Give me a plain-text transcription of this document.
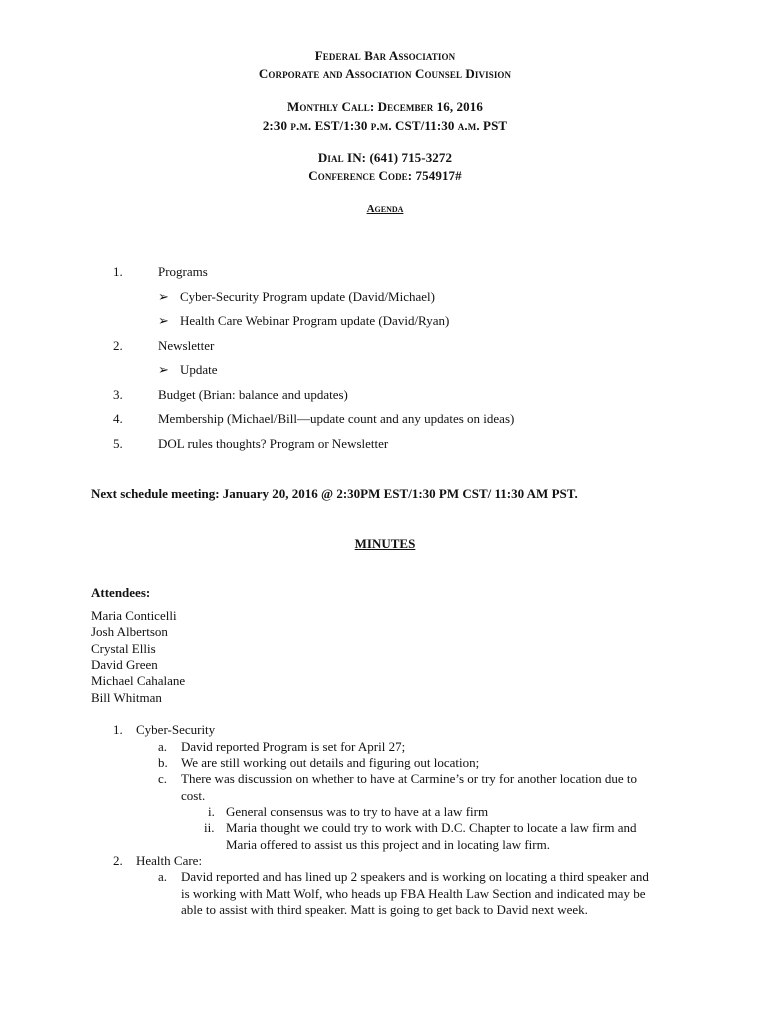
Federal Bar Association
Corporate and Association Counsel Division
Monthly Call: December 16, 2016
2:30 p.m. EST/1:30 p.m. CST/11:30 a.m. PST
Dial IN: (641) 715-3272
Conference Code: 754917#
Agenda
1.	Programs
➢ Cyber-Security Program update (David/Michael)
➢ Health Care Webinar Program update (David/Ryan)
2.	Newsletter
➢ Update
3.	Budget (Brian: balance and updates)
4.	Membership (Michael/Bill—update count and any updates on ideas)
5.	DOL rules thoughts? Program or Newsletter
Next schedule meeting: January 20, 2016 @ 2:30PM EST/1:30 PM CST/ 11:30 AM PST.
MINUTES
Attendees:
Maria Conticelli
Josh Albertson
Crystal Ellis
David Green
Michael Cahalane
Bill Whitman
1. Cyber-Security
a. David reported Program is set for April 27;
b. We are still working out details and figuring out location;
c. There was discussion on whether to have at Carmine’s or try for another location due to
cost.
i. General consensus was to try to have at a law firm
ii. Maria thought we could try to work with D.C. Chapter to locate a law firm and
Maria offered to assist us this project and in locating law firm.
2. Health Care:
a. David reported and has lined up 2 speakers and is working on locating a third speaker and
is working with Matt Wolf, who heads up FBA Health Law Section and indicated may be
able to assist with third speaker. Matt is going to get back to David next week.
